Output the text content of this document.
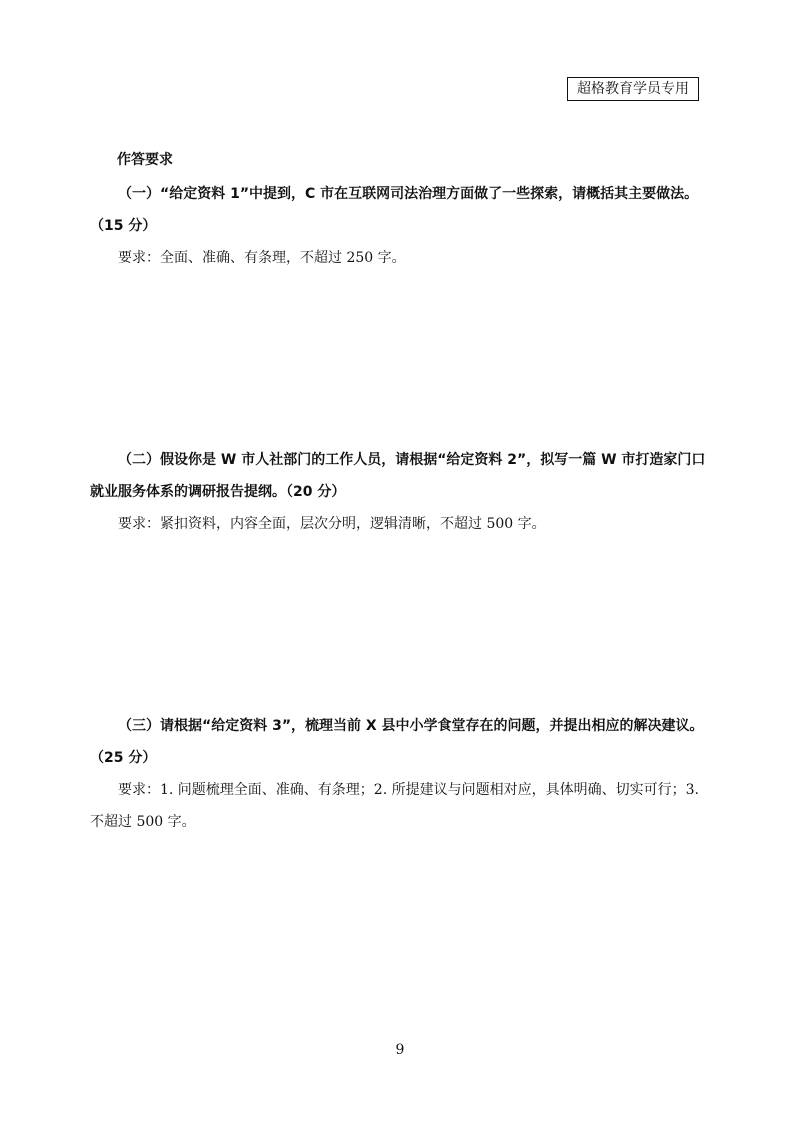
超格教育学员专用
作答要求

（一）“给定资料 1”中提到，C 市在互联网司法治理方面做了一些探索，请概括其主要做法。（15 分）

要求：全面、准确、有条理，不超过 250 字。

（二）假设你是 W 市人社部门的工作人员，请根据“给定资料 2”，拟写一篇 W 市打造家门口就业服务体系的调研报告提纲。（20 分）

要求：紧扣资料，内容全面，层次分明，逻辑清晰，不超过 500 字。

（三）请根据“给定资料 3”，梳理当前 X 县中小学食堂存在的问题，并提出相应的解决建议。（25 分）

要求：1. 问题梳理全面、准确、有条理；2. 所提建议与问题相对应，具体明确、切实可行；3. 不超过 500 字。

9
